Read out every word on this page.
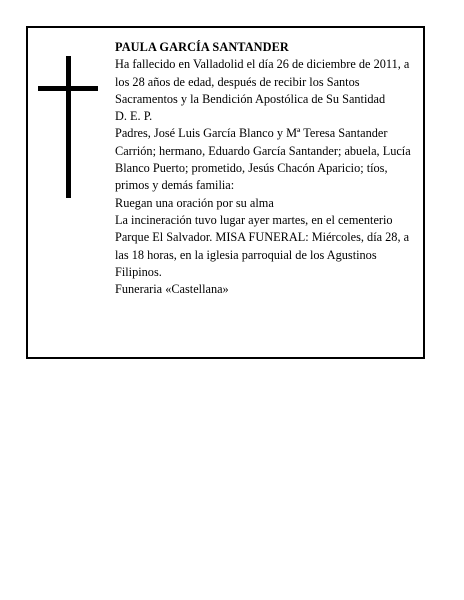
PAULA GARCÍA SANTANDER

Ha fallecido en Valladolid el día 26 de diciembre de 2011, a los 28 años de edad, después de recibir los Santos Sacramentos y la Bendición Apostólica de Su Santidad

D. E. P.

Padres, José Luis García Blanco y Mª Teresa Santander Carrión; hermano, Eduardo García Santander; abuela, Lucía Blanco Puerto; prometido, Jesús Chacón Aparicio; tíos, primos y demás familia:

Ruegan una oración por su alma

La incineración tuvo lugar ayer martes, en el cementerio Parque El Salvador. MISA FUNERAL: Miércoles, día 28, a las 18 horas, en la iglesia parroquial de los Agustinos Filipinos.

Funeraria «Castellana»
